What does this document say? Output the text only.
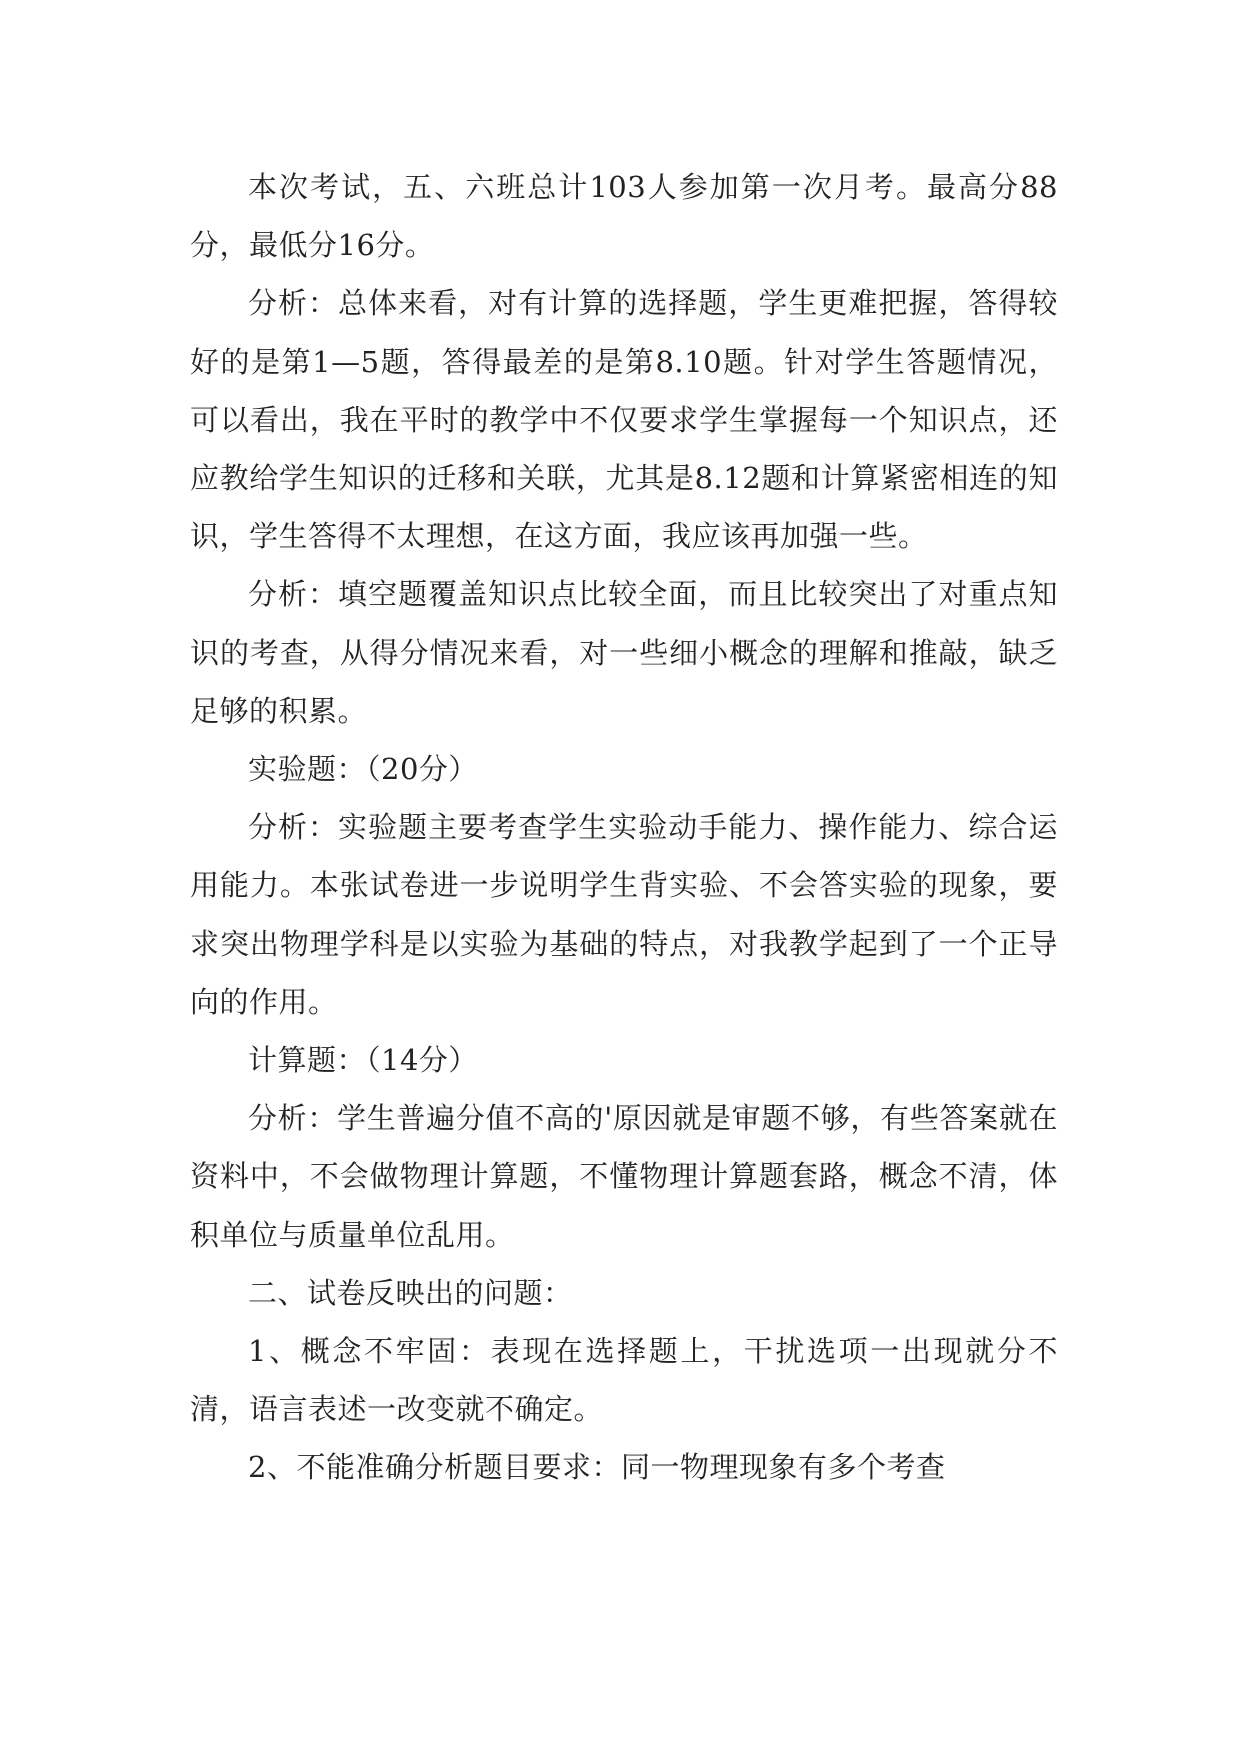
本次考试，五、六班总计103人参加第一次月考。最高分88分，最低分16分。

分析：总体来看，对有计算的选择题，学生更难把握，答得较好的是第1—5题，答得最差的是第8.10题。针对学生答题情况，可以看出，我在平时的教学中不仅要求学生掌握每一个知识点，还应教给学生知识的迁移和关联，尤其是8.12题和计算紧密相连的知识，学生答得不太理想，在这方面，我应该再加强一些。

分析：填空题覆盖知识点比较全面，而且比较突出了对重点知识的考查，从得分情况来看，对一些细小概念的理解和推敲，缺乏足够的积累。

实验题：（20分）

分析：实验题主要考查学生实验动手能力、操作能力、综合运用能力。本张试卷进一步说明学生背实验、不会答实验的现象，要求突出物理学科是以实验为基础的特点，对我教学起到了一个正导向的作用。

计算题：（14分）

分析：学生普遍分值不高的'原因就是审题不够，有些答案就在资料中，不会做物理计算题，不懂物理计算题套路，概念不清，体积单位与质量单位乱用。

二、试卷反映出的问题：

1、概念不牢固：表现在选择题上，干扰选项一出现就分不清，语言表述一改变就不确定。

2、不能准确分析题目要求：同一物理现象有多个考查
